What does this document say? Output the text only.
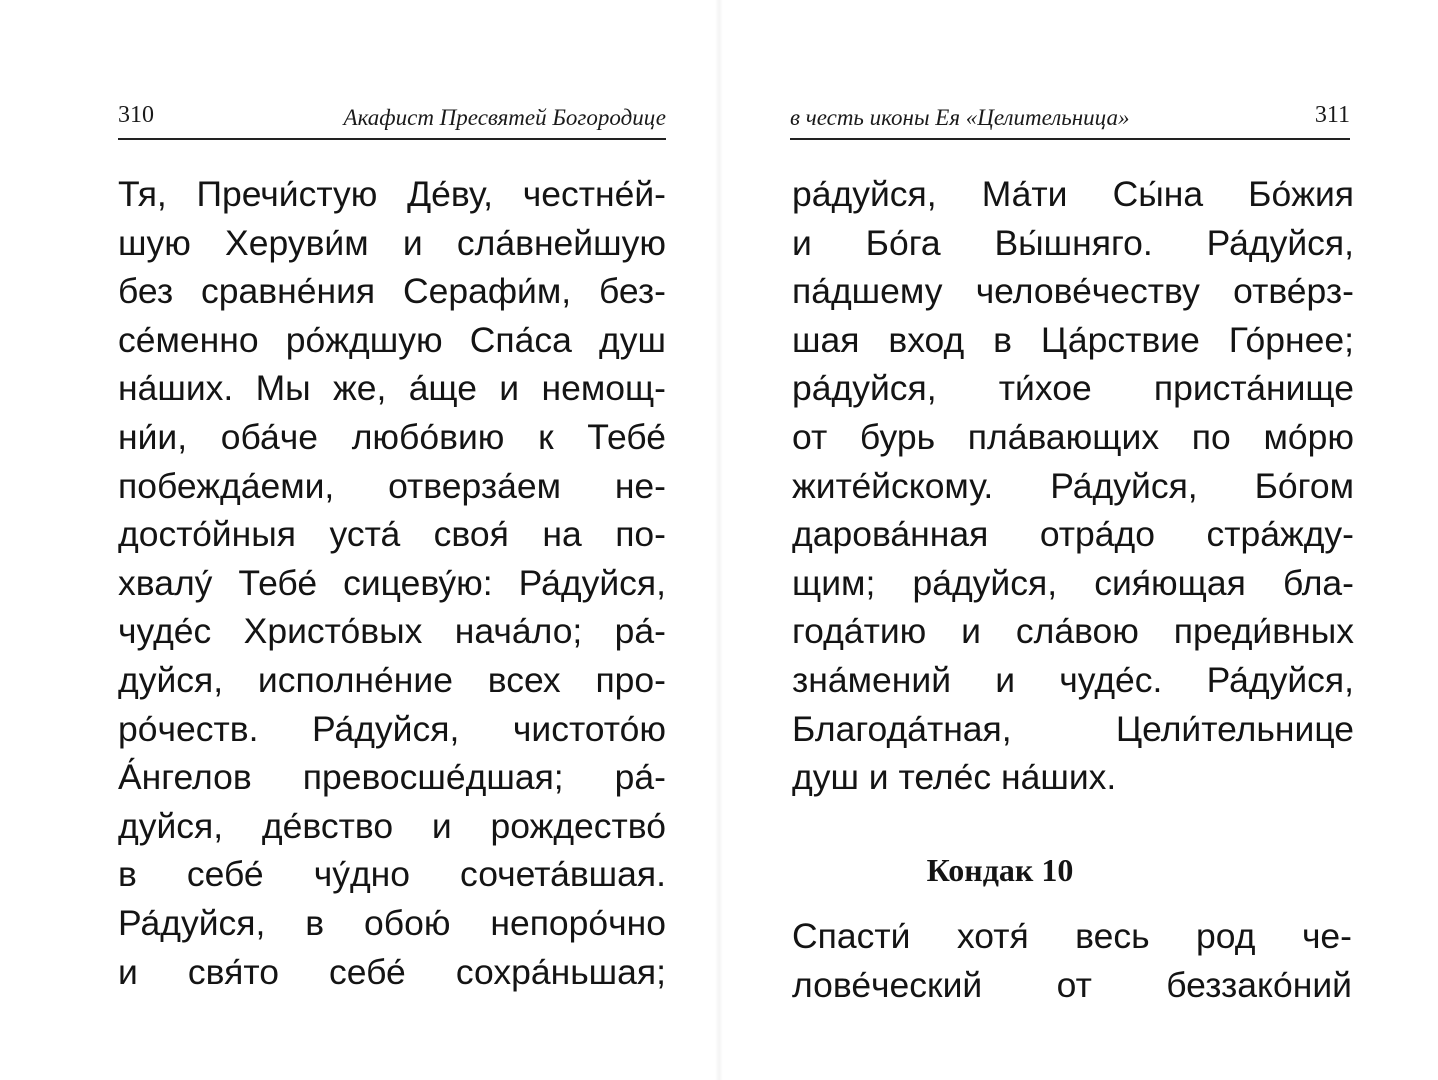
310	Акафист Пресвятей Богородице
Тя, Пречи́стую Де́ву, честне́й-
шую Херуви́м и сла́внейшую
без сравне́ния Серафи́м, без-
се́менно ро́ждшую Спа́са душ
на́ших. Мы же, а́ще и немощ-
ни́и, оба́че любо́вию к Тебе́
побежда́еми, отверза́ем не-
досто́йныя уста́ своя́ на по-
хвалу́ Тебе́ сицеву́ю: Ра́дуйся,
чуде́с Христо́вых нача́ло; ра́-
дуйся, исполне́ние всех про-
ро́честв. Ра́дуйся, чистото́ю
А́нгелов превосше́дшая; ра́-
дуйся, де́вство и рождество́
в себе́ чу́дно сочета́вшая.
Ра́дуйся, в обою́ непоро́чно
и свя́то себе́ сохра́ньшая;
в честь иконы Ея «Целительница»	311
ра́дуйся, Ма́ти Сы́на Бо́жия
и Бо́га Вы́шняго. Ра́дуйся,
па́дшему челове́честву отве́рз-
шая вход в Ца́рствие Го́рнее;
ра́дуйся, ти́хое приста́нище
от бурь пла́вающих по мо́рю
жите́йскому. Ра́дуйся, Бо́гом
дарова́нная отра́до стра́жду-
щим; ра́дуйся, сия́ющая бла-
года́тию и сла́вою преди́вных
зна́мений и чуде́с. Ра́дуйся,
Благода́тная, Цели́тельнице
душ и теле́с на́ших.
Кондак 10
Спасти́ хотя́ весь род че-
лове́ческий от беззако́ний
